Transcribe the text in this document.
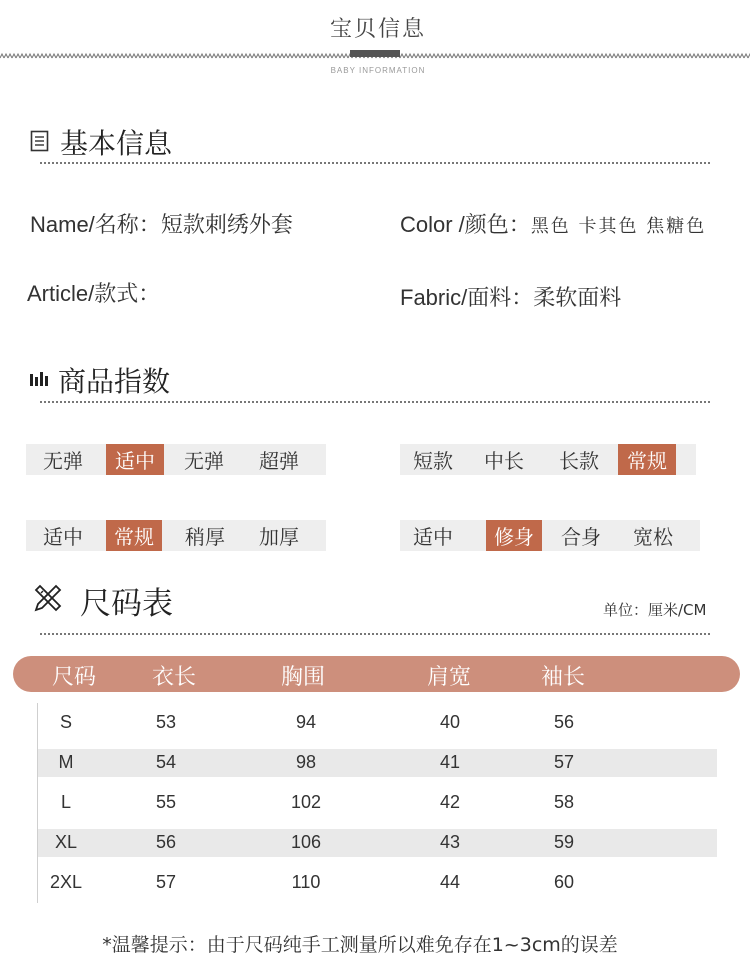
宝贝信息
BABY INFORMATION
基本信息
Name/名称：短款刺绣外套	Color /颜色：黑色 卡其色 焦糖色
Article/款式：	Fabric/面料：柔软面料
商品指数
无弹	适中	无弹	超弹	短款	中长	长款	常规
适中	常规	稍厚	加厚	适中	修身	合身	宽松
尺码表	单位：厘米/CM
尺码	衣长	胸围	肩宽	袖长
S	53	94	40	56
M	54	98	41	57
L	55	102	42	58
XL	56	106	43	59
2XL	57	110	44	60
*温馨提示：由于尺码纯手工测量所以难免存在1~3cm的误差
